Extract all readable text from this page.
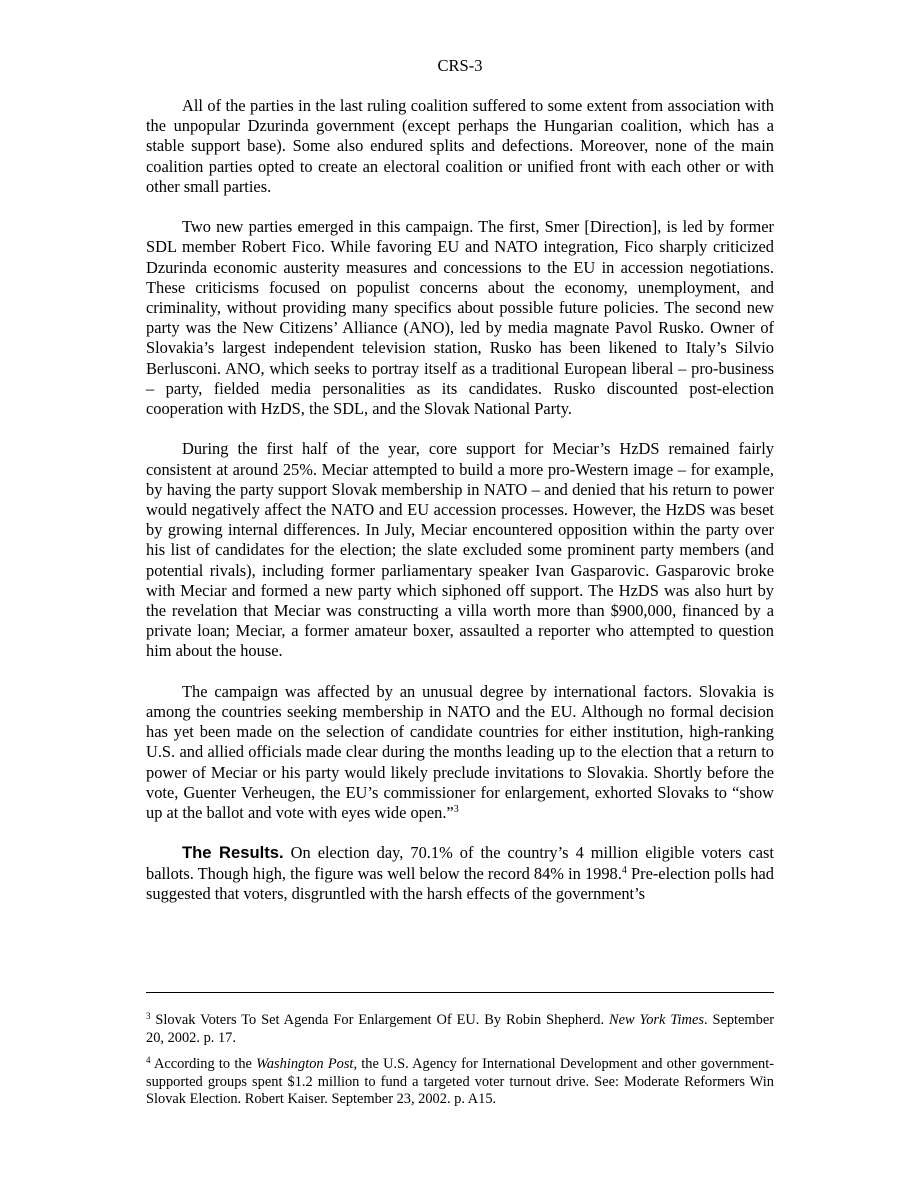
CRS-3

All of the parties in the last ruling coalition suffered to some extent from association with the unpopular Dzurinda government (except perhaps the Hungarian coalition, which has a stable support base). Some also endured splits and defections. Moreover, none of the main coalition parties opted to create an electoral coalition or unified front with each other or with other small parties.

Two new parties emerged in this campaign. The first, Smer [Direction], is led by former SDL member Robert Fico. While favoring EU and NATO integration, Fico sharply criticized Dzurinda economic austerity measures and concessions to the EU in accession negotiations. These criticisms focused on populist concerns about the economy, unemployment, and criminality, without providing many specifics about possible future policies. The second new party was the New Citizens’ Alliance (ANO), led by media magnate Pavol Rusko. Owner of Slovakia’s largest independent television station, Rusko has been likened to Italy’s Silvio Berlusconi. ANO, which seeks to portray itself as a traditional European liberal – pro-business – party, fielded media personalities as its candidates. Rusko discounted post-election cooperation with HzDS, the SDL, and the Slovak National Party.

During the first half of the year, core support for Meciar’s HzDS remained fairly consistent at around 25%. Meciar attempted to build a more pro-Western image – for example, by having the party support Slovak membership in NATO – and denied that his return to power would negatively affect the NATO and EU accession processes. However, the HzDS was beset by growing internal differences. In July, Meciar encountered opposition within the party over his list of candidates for the election; the slate excluded some prominent party members (and potential rivals), including former parliamentary speaker Ivan Gasparovic. Gasparovic broke with Meciar and formed a new party which siphoned off support. The HzDS was also hurt by the revelation that Meciar was constructing a villa worth more than $900,000, financed by a private loan; Meciar, a former amateur boxer, assaulted a reporter who attempted to question him about the house.

The campaign was affected by an unusual degree by international factors. Slovakia is among the countries seeking membership in NATO and the EU. Although no formal decision has yet been made on the selection of candidate countries for either institution, high-ranking U.S. and allied officials made clear during the months leading up to the election that a return to power of Meciar or his party would likely preclude invitations to Slovakia. Shortly before the vote, Guenter Verheugen, the EU’s commissioner for enlargement, exhorted Slovaks to “show up at the ballot and vote with eyes wide open.”$^3$

The Results. On election day, 70.1% of the country’s 4 million eligible voters cast ballots. Though high, the figure was well below the record 84% in 1998.$^4$ Pre-election polls had suggested that voters, disgruntled with the harsh effects of the government’s

$^3$ Slovak Voters To Set Agenda For Enlargement Of EU. By Robin Shepherd. New York Times. September 20, 2002. p. 17.

$^4$ According to the Washington Post, the U.S. Agency for International Development and other government-supported groups spent $1.2 million to fund a targeted voter turnout drive. See: Moderate Reformers Win Slovak Election. Robert Kaiser. September 23, 2002. p. A15.
